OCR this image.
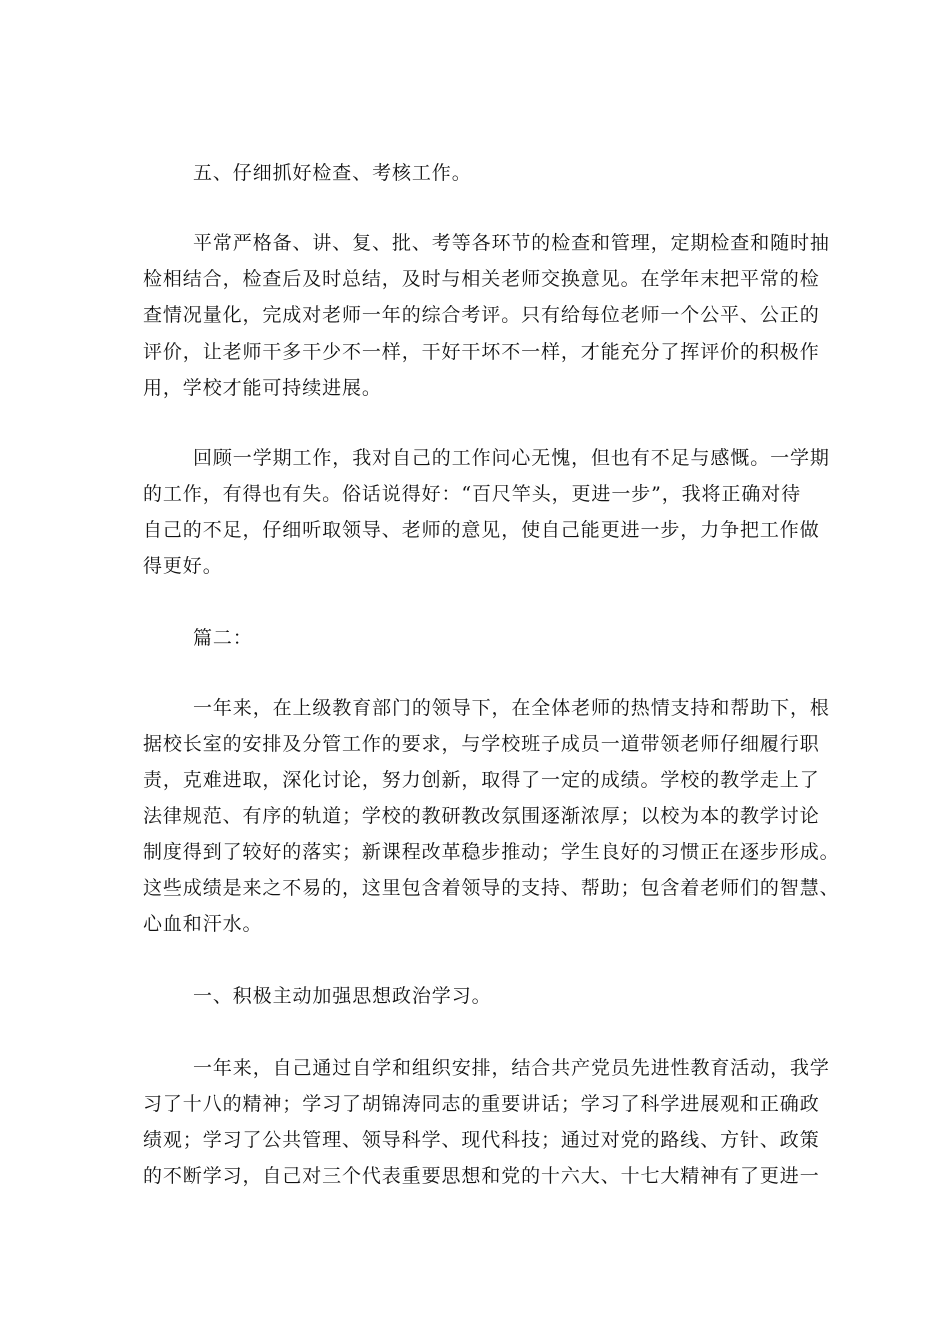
五、仔细抓好检查、考核工作。
平常严格备、讲、复、批、考等各环节的检查和管理，定期检查和随时抽
检相结合，检查后及时总结，及时与相关老师交换意见。在学年末把平常的检
查情况量化，完成对老师一年的综合考评。只有给每位老师一个公平、公正的
评价，让老师干多干少不一样，干好干坏不一样，才能充分了挥评价的积极作
用，学校才能可持续进展。
回顾一学期工作，我对自己的工作问心无愧，但也有不足与感慨。一学期
的工作，有得也有失。俗话说得好：“百尺竿头，更进一步”，我将正确对待
自己的不足，仔细听取领导、老师的意见，使自己能更进一步，力争把工作做
得更好。
篇二：
一年来，在上级教育部门的领导下，在全体老师的热情支持和帮助下，根
据校长室的安排及分管工作的要求，与学校班子成员一道带领老师仔细履行职
责，克难进取，深化讨论，努力创新，取得了一定的成绩。学校的教学走上了
法律规范、有序的轨道；学校的教研教改氛围逐渐浓厚；以校为本的教学讨论
制度得到了较好的落实；新课程改革稳步推动；学生良好的习惯正在逐步形成。
这些成绩是来之不易的，这里包含着领导的支持、帮助；包含着老师们的智慧、
心血和汗水。
一、积极主动加强思想政治学习。
一年来，自己通过自学和组织安排，结合共产党员先进性教育活动，我学
习了十八的精神；学习了胡锦涛同志的重要讲话；学习了科学进展观和正确政
绩观；学习了公共管理、领导科学、现代科技；通过对党的路线、方针、政策
的不断学习，自己对三个代表重要思想和党的十六大、十七大精神有了更进一
